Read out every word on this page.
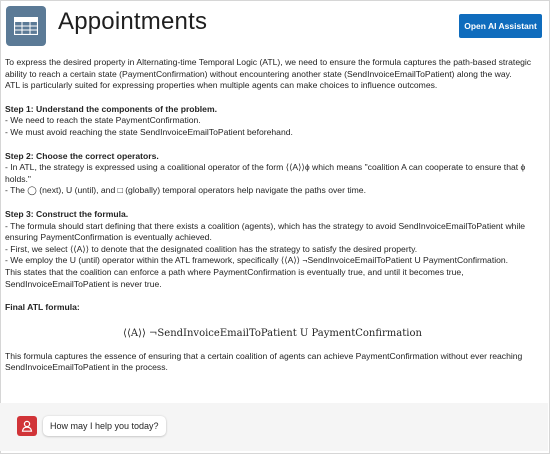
Appointments	Open AI Assistant

To express the desired property in Alternating-time Temporal Logic (ATL), we need to ensure the formula captures the path-based strategic ability to reach a certain state (PaymentConfirmation) without encountering another state (SendInvoiceEmailToPatient) along the way.

ATL is particularly suited for expressing properties when multiple agents can make choices to influence outcomes.

Step 1: Understand the components of the problem.

- We need to reach the state PaymentConfirmation.

- We must avoid reaching the state SendInvoiceEmailToPatient beforehand.

Step 2: Choose the correct operators.

- In ATL, the strategy is expressed using a coalitional operator of the form ⟨⟨A⟩⟩ϕ which means "coalition A can cooperate to ensure that ϕ holds."

- The ◯ (next), U (until), and □ (globally) temporal operators help navigate the paths over time.

Step 3: Construct the formula.

- The formula should start defining that there exists a coalition (agents), which has the strategy to avoid SendInvoiceEmailToPatient while ensuring PaymentConfirmation is eventually achieved.

- First, we select ⟨⟨A⟩⟩ to denote that the designated coalition has the strategy to satisfy the desired property.

- We employ the U (until) operator within the ATL framework, specifically ⟨⟨A⟩⟩ ¬SendInvoiceEmailToPatient U PaymentConfirmation.

This states that the coalition can enforce a path where PaymentConfirmation is eventually true, and until it becomes true, SendInvoiceEmailToPatient is never true.

Final ATL formula:

⟨⟨A⟩⟩ ¬SendInvoiceEmailToPatient U PaymentConfirmation

This formula captures the essence of ensuring that a certain coalition of agents can achieve PaymentConfirmation without ever reaching SendInvoiceEmailToPatient in the process.

How may I help you today?
